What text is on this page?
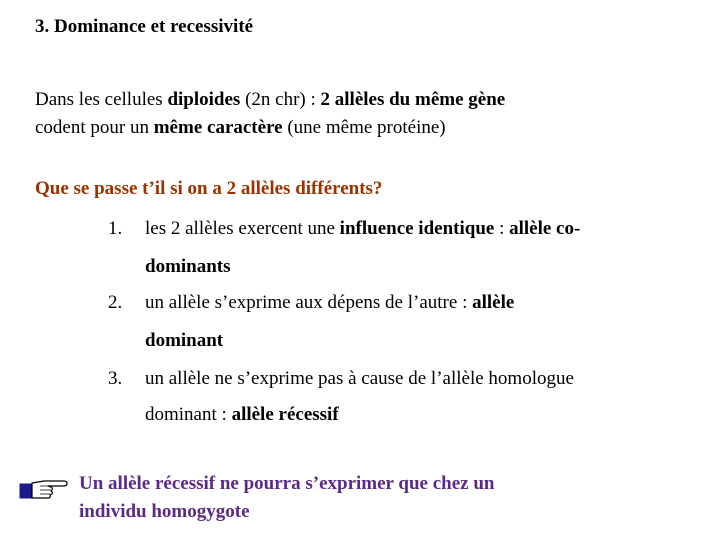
3. Dominance et recessivité
Dans les cellules diploides (2n chr) : 2 allèles du même gène
codent pour un même caractère (une même protéine)
Que se passe t’il si on a 2 allèles différents?
1. les 2 allèles exercent une influence identique : allèle co-
dominants
2. un allèle s’exprime aux dépens de l’autre : allèle
dominant
3. un allèle ne s’exprime pas à cause de l’allèle homologue
dominant : allèle récessif
Un allèle récessif ne pourra s’exprimer que chez un
individu homogygote
